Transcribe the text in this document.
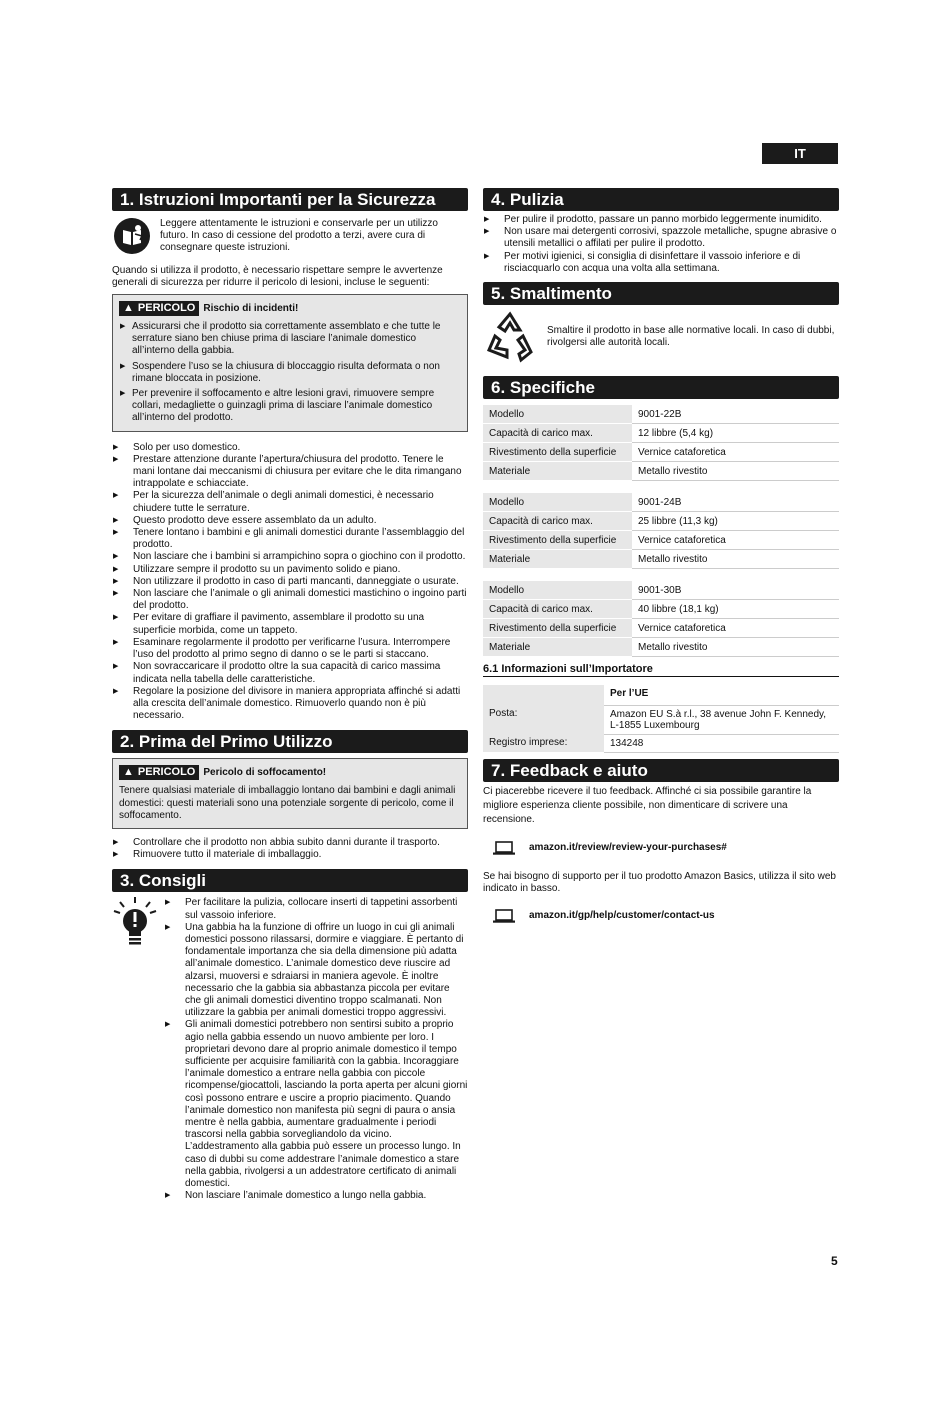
IT
1. Istruzioni Importanti per la Sicurezza
Leggere attentamente le istruzioni e conservarle per un utilizzo futuro. In caso di cessione del prodotto a terzi, avere cura di consegnare queste istruzioni.
Quando si utilizza il prodotto, è necessario rispettare sempre le avvertenze generali di sicurezza per ridurre il pericolo di lesioni, incluse le seguenti:
▲ PERICOLO Rischio di incidenti!
▶ Assicurarsi che il prodotto sia correttamente assemblato e che tutte le serrature siano ben chiuse prima di lasciare l’animale domestico all’interno della gabbia.
▶ Sospendere l’uso se la chiusura di bloccaggio risulta deformata o non rimane bloccata in posizione.
▶ Per prevenire il soffocamento e altre lesioni gravi, rimuovere sempre collari, medagliette o guinzagli prima di lasciare l’animale domestico all’interno del prodotto.
▶	Solo per uso domestico.
▶	Prestare attenzione durante l’apertura/chiusura del prodotto. Tenere le mani lontane dai meccanismi di chiusura per evitare che le dita rimangano intrappolate e schiacciate.
▶	Per la sicurezza dell’animale o degli animali domestici, è necessario chiudere tutte le serrature.
▶	Questo prodotto deve essere assemblato da un adulto.
▶	Tenere lontano i bambini e gli animali domestici durante l’assemblaggio del prodotto.
▶	Non lasciare che i bambini si arrampichino sopra o giochino con il prodotto.
▶	Utilizzare sempre il prodotto su un pavimento solido e piano.
▶	Non utilizzare il prodotto in caso di parti mancanti, danneggiate o usurate.
▶	Non lasciare che l’animale o gli animali domestici mastichino o ingoino parti del prodotto.
▶	Per evitare di graffiare il pavimento, assemblare il prodotto su una superficie morbida, come un tappeto.
▶	Esaminare regolarmente il prodotto per verificarne l’usura. Interrompere l’uso del prodotto al primo segno di danno o se le parti si staccano.
▶	Non sovraccaricare il prodotto oltre la sua capacità di carico massima indicata nella tabella delle caratteristiche.
▶	Regolare la posizione del divisore in maniera appropriata affinché si adatti alla crescita dell’animale domestico. Rimuoverlo quando non è più necessario.
2. Prima del Primo Utilizzo
▲ PERICOLO Pericolo di soffocamento!
Tenere qualsiasi materiale di imballaggio lontano dai bambini e dagli animali domestici: questi materiali sono una potenziale sorgente di pericolo, come il soffocamento.
▶	Controllare che il prodotto non abbia subito danni durante il trasporto.
▶	Rimuovere tutto il materiale di imballaggio.
3. Consigli
▶	Per facilitare la pulizia, collocare inserti di tappetini assorbenti sul vassoio inferiore.
▶	Una gabbia ha la funzione di offrire un luogo in cui gli animali domestici possono rilassarsi, dormire e viaggiare. È pertanto di fondamentale importanza che sia della dimensione più adatta all’animale domestico. L’animale domestico deve riuscire ad alzarsi, muoversi e sdraiarsi in maniera agevole. È inoltre necessario che la gabbia sia abbastanza piccola per evitare che gli animali domestici diventino troppo scalmanati. Non utilizzare la gabbia per animali domestici troppo aggressivi.
▶	Gli animali domestici potrebbero non sentirsi subito a proprio agio nella gabbia essendo un nuovo ambiente per loro. I proprietari devono dare al proprio animale domestico il tempo sufficiente per acquisire familiarità con la gabbia. Incoraggiare l’animale domestico a entrare nella gabbia con piccole ricompense/giocattoli, lasciando la porta aperta per alcuni giorni così possono entrare e uscire a proprio piacimento. Quando l’animale domestico non manifesta più segni di paura o ansia mentre è nella gabbia, aumentare gradualmente i periodi trascorsi nella gabbia sorvegliandolo da vicino. L’addestramento alla gabbia può essere un processo lungo. In caso di dubbi su come addestrare l’animale domestico a stare nella gabbia, rivolgersi a un addestratore certificato di animali domestici.
▶	Non lasciare l’animale domestico a lungo nella gabbia.
4. Pulizia
▶	Per pulire il prodotto, passare un panno morbido leggermente inumidito.
▶	Non usare mai detergenti corrosivi, spazzole metalliche, spugne abrasive o utensili metallici o affilati per pulire il prodotto.
▶	Per motivi igienici, si consiglia di disinfettare il vassoio inferiore e di risciacquarlo con acqua una volta alla settimana.
5. Smaltimento
Smaltire il prodotto in base alle normative locali. In caso di dubbi, rivolgersi alle autorità locali.
6. Specifiche
Modello	9001-22B
Capacità di carico max.	12 libbre (5,4 kg)
Rivestimento della superficie	Vernice cataforetica
Materiale	Metallo rivestito
Modello	9001-24B
Capacità di carico max.	25 libbre (11,3 kg)
Rivestimento della superficie	Vernice cataforetica
Materiale	Metallo rivestito
Modello	9001-30B
Capacità di carico max.	40 libbre (18,1 kg)
Rivestimento della superficie	Vernice cataforetica
Materiale	Metallo rivestito
6.1 Informazioni sull’Importatore
	Per l’UE
Posta:	Amazon EU S.à r.l., 38 avenue John F. Kennedy, L-1855 Luxembourg
Registro imprese:	134248
7. Feedback e aiuto
Ci piacerebbe ricevere il tuo feedback. Affinché ci sia possibile garantire la migliore esperienza cliente possibile, non dimenticare di scrivere una recensione.
amazon.it/review/review-your-purchases#
Se hai bisogno di supporto per il tuo prodotto Amazon Basics, utilizza il sito web indicato in basso.
amazon.it/gp/help/customer/contact-us
5
